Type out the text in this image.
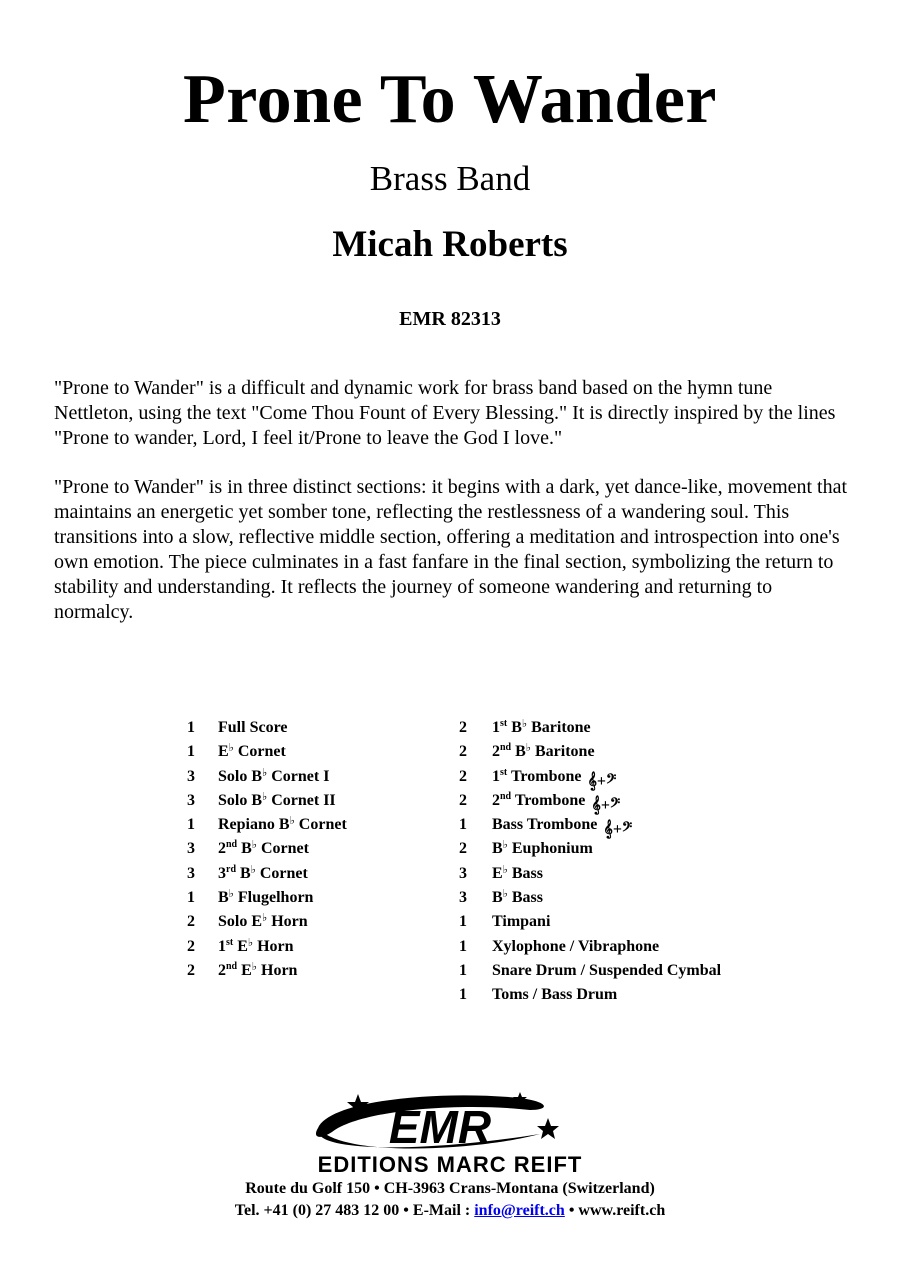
Prone To Wander
Brass Band
Micah Roberts
EMR 82313

"Prone to Wander" is a difficult and dynamic work for brass band based on the hymn tune Nettleton, using the text "Come Thou Fount of Every Blessing." It is directly inspired by the lines "Prone to wander, Lord, I feel it/Prone to leave the God I love."

"Prone to Wander" is in three distinct sections: it begins with a dark, yet dance-like, movement that maintains an energetic yet somber tone, reflecting the restlessness of a wandering soul. This transitions into a slow, reflective middle section, offering a meditation and introspection into one's own emotion. The piece culminates in a fast fanfare in the final section, symbolizing the return to stability and understanding. It reflects the journey of someone wandering and returning to normalcy.

1 Full Score
1 E♭ Cornet
3 Solo B♭ Cornet I
3 Solo B♭ Cornet II
1 Repiano B♭ Cornet
3 2nd B♭ Cornet
3 3rd B♭ Cornet
1 B♭ Flugelhorn
2 Solo E♭ Horn
2 1st E♭ Horn
2 2nd E♭ Horn
2 1st B♭ Baritone
2 2nd B♭ Baritone
2 1st Trombone 𝄞+𝄢
2 2nd Trombone 𝄞+𝄢
1 Bass Trombone 𝄞+𝄢
2 B♭ Euphonium
3 E♭ Bass
3 B♭ Bass
1 Timpani
1 Xylophone / Vibraphone
1 Snare Drum / Suspended Cymbal
1 Toms / Bass Drum
EMR
EDITIONS MARC REIFT
Route du Golf 150 • CH-3963 Crans-Montana (Switzerland)
Tel. +41 (0) 27 483 12 00 • E-Mail : info@reift.ch • www.reift.ch
